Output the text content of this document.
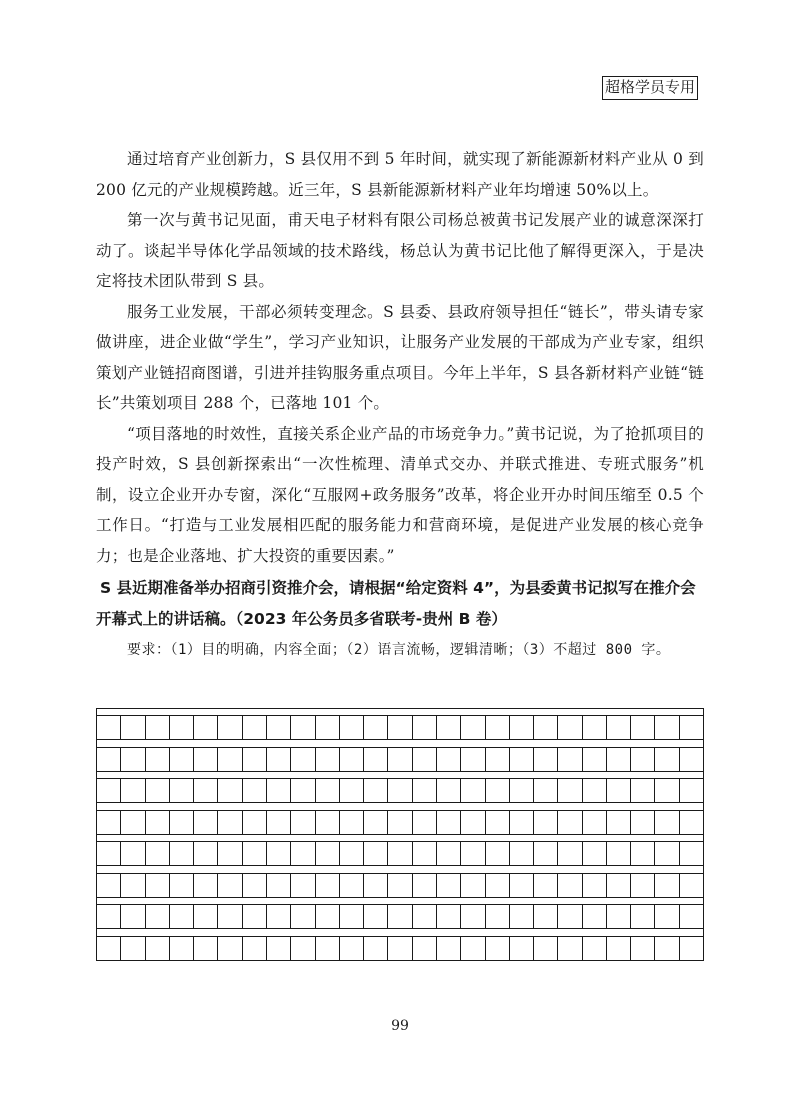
超格学员专用

通过培育产业创新力，S 县仅用不到 5 年时间，就实现了新能源新材料产业从 0 到 200 亿元的产业规模跨越。近三年，S 县新能源新材料产业年均增速 50%以上。

第一次与黄书记见面，甫天电子材料有限公司杨总被黄书记发展产业的诚意深深打动了。谈起半导体化学品领域的技术路线，杨总认为黄书记比他了解得更深入，于是决定将技术团队带到 S 县。

服务工业发展，干部必须转变理念。S 县委、县政府领导担任“链长”，带头请专家做讲座，进企业做“学生”，学习产业知识，让服务产业发展的干部成为产业专家，组织策划产业链招商图谱，引进并挂钩服务重点项目。今年上半年，S 县各新材料产业链“链长”共策划项目 288 个，已落地 101 个。

“项目落地的时效性，直接关系企业产品的市场竞争力。”黄书记说，为了抢抓项目的投产时效，S 县创新探索出“一次性梳理、清单式交办、并联式推进、专班式服务”机制，设立企业开办专窗，深化“互服网+政务服务”改革，将企业开办时间压缩至 0.5 个工作日。“打造与工业发展相匹配的服务能力和营商环境，是促进产业发展的核心竞争力；也是企业落地、扩大投资的重要因素。”

S 县近期准备举办招商引资推介会，请根据“给定资料 4”，为县委黄书记拟写在推介会开幕式上的讲话稿。（2023 年公务员多省联考-贵州 B 卷）

要求：（1）目的明确，内容全面；（2）语言流畅，逻辑清晰；（3）不超过 800 字。

99
